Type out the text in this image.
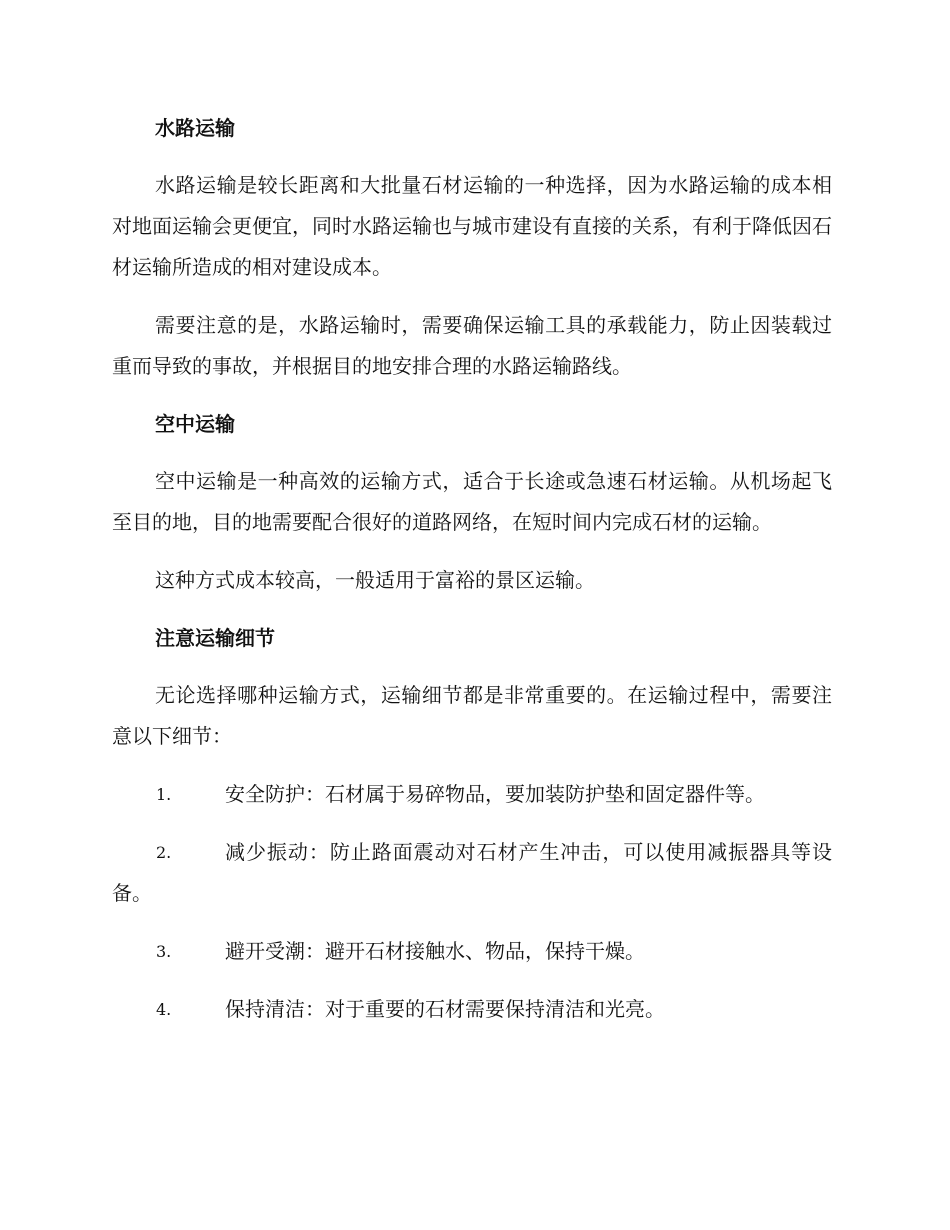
水路运输

水路运输是较长距离和大批量石材运输的一种选择，因为水路运输的成本相对地面运输会更便宜，同时水路运输也与城市建设有直接的关系，有利于降低因石材运输所造成的相对建设成本。

需要注意的是，水路运输时，需要确保运输工具的承载能力，防止因装载过重而导致的事故，并根据目的地安排合理的水路运输路线。

空中运输

空中运输是一种高效的运输方式，适合于长途或急速石材运输。从机场起飞至目的地，目的地需要配合很好的道路网络，在短时间内完成石材的运输。

这种方式成本较高，一般适用于富裕的景区运输。

注意运输细节

无论选择哪种运输方式，运输细节都是非常重要的。在运输过程中，需要注意以下细节：

1.	安全防护：石材属于易碎物品，要加装防护垫和固定器件等。
2.	减少振动：防止路面震动对石材产生冲击，可以使用减振器具等设备。
3.	避开受潮：避开石材接触水、物品，保持干燥。
4.	保持清洁：对于重要的石材需要保持清洁和光亮。
